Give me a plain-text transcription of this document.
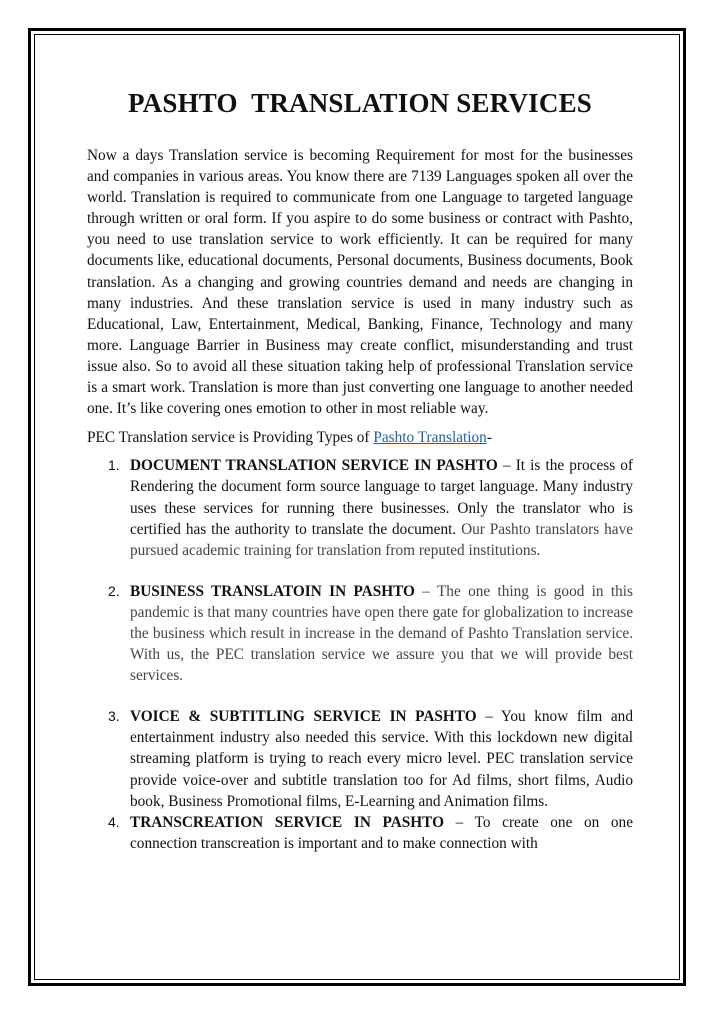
PASHTO  TRANSLATION SERVICES

Now a days Translation service is becoming Requirement for most for the businesses and companies in various areas. You know there are 7139 Languages spoken all over the world. Translation is required to communicate from one Language to targeted language through written or oral form. If you aspire to do some business or contract with Pashto, you need to use translation service to work efficiently. It can be required for many documents like, educational documents, Personal documents, Business documents, Book translation. As a changing and growing countries demand and needs are changing in many industries. And these translation service is used in many industry such as Educational, Law, Entertainment, Medical, Banking, Finance, Technology and many more. Language Barrier in Business may create conflict, misunderstanding and trust issue also. So to avoid all these situation taking help of professional Translation service is a smart work. Translation is more than just converting one language to another needed one. It’s like covering ones emotion to other in most reliable way.

PEC Translation service is Providing Types of Pashto Translation-

1. DOCUMENT TRANSLATION SERVICE IN PASHTO – It is the process of Rendering the document form source language to target language. Many industry uses these services for running there businesses. Only the translator who is certified has the authority to translate the document. Our Pashto translators have pursued academic training for translation from reputed institutions.
2. BUSINESS TRANSLATOIN IN PASHTO – The one thing is good in this pandemic is that many countries have open there gate for globalization to increase the business which result in increase in the demand of Pashto Translation service. With us, the PEC translation service we assure you that we will provide best services.
3. VOICE & SUBTITLING SERVICE IN PASHTO – You know film and entertainment industry also needed this service. With this lockdown new digital streaming platform is trying to reach every micro level. PEC translation service provide voice-over and subtitle translation too for Ad films, short films, Audio book, Business Promotional films, E-Learning and Animation films.
4. TRANSCREATION SERVICE IN PASHTO – To create one on one connection transcreation is important and to make connection with
